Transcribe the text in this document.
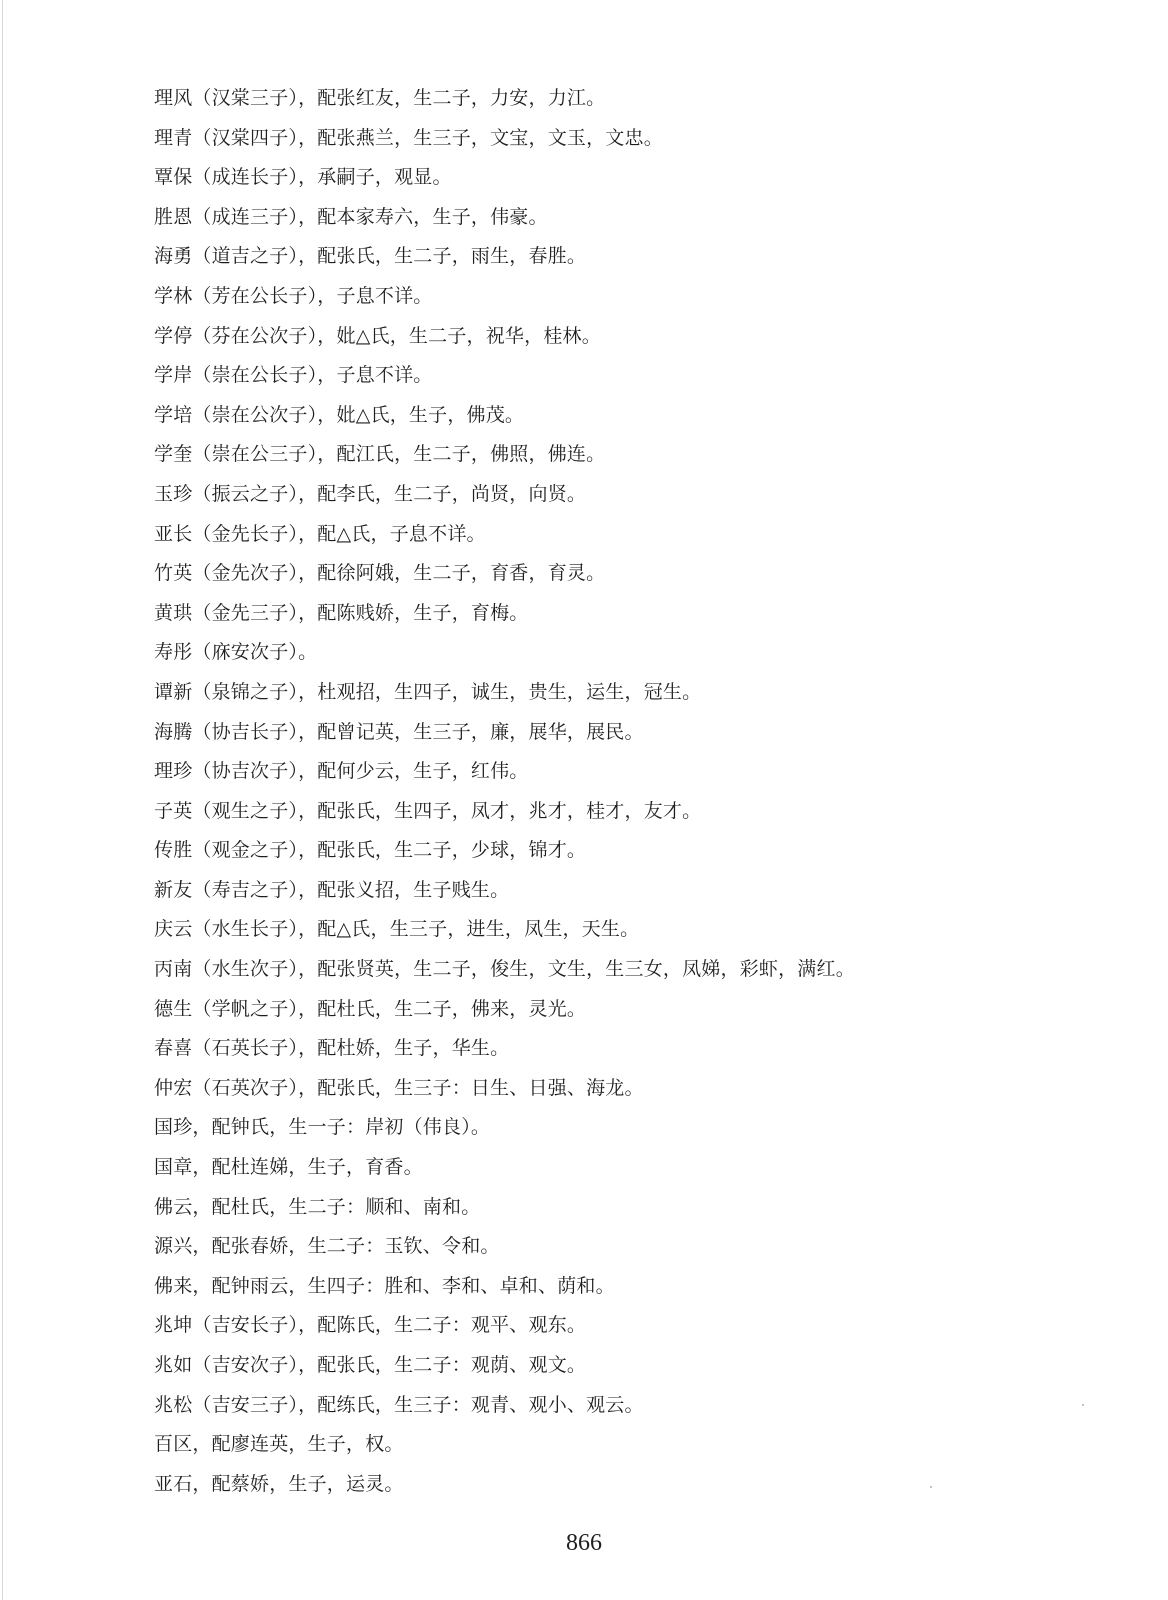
理风（汉棠三子），配张红友，生二子，力安，力江。
理青（汉棠四子），配张燕兰，生三子，文宝，文玉，文忠。
覃保（成连长子），承嗣子，观显。
胜恩（成连三子），配本家寿六，生子，伟豪。
海勇（道吉之子），配张氏，生二子，雨生，春胜。
学林（芳在公长子），子息不详。
学停（芬在公次子），妣△氏，生二子，祝华，桂林。
学岸（崇在公长子），子息不详。
学培（崇在公次子），妣△氏，生子，佛茂。
学奎（崇在公三子），配江氏，生二子，佛照，佛连。
玉珍（振云之子），配李氏，生二子，尚贤，向贤。
亚长（金先长子），配△氏，子息不详。
竹英（金先次子），配徐阿娥，生二子，育香，育灵。
黄珙（金先三子），配陈贱娇，生子，育梅。
寿彤（庥安次子）。
谭新（泉锦之子），杜观招，生四子，诚生，贵生，运生，冠生。
海腾（协吉长子），配曾记英，生三子，廉，展华，展民。
理珍（协吉次子），配何少云，生子，红伟。
子英（观生之子），配张氏，生四子，凤才，兆才，桂才，友才。
传胜（观金之子），配张氏，生二子，少球，锦才。
新友（寿吉之子），配张义招，生子贱生。
庆云（水生长子），配△氏，生三子，进生，凤生，天生。
丙南（水生次子），配张贤英，生二子，俊生，文生，生三女，凤娣，彩虾，满红。
德生（学帆之子），配杜氏，生二子，佛来，灵光。
春喜（石英长子），配杜娇，生子，华生。
仲宏（石英次子），配张氏，生三子：日生、日强、海龙。
国珍，配钟氏，生一子：岸初（伟良）。
国章，配杜连娣，生子，育香。
佛云，配杜氏，生二子：顺和、南和。
源兴，配张春娇，生二子：玉钦、令和。
佛来，配钟雨云，生四子：胜和、李和、卓和、荫和。
兆坤（吉安长子），配陈氏，生二子：观平、观东。
兆如（吉安次子），配张氏，生二子：观荫、观文。
兆松（吉安三子），配练氏，生三子：观青、观小、观云。
百区，配廖连英，生子，权。
亚石，配蔡娇，生子，运灵。
866
